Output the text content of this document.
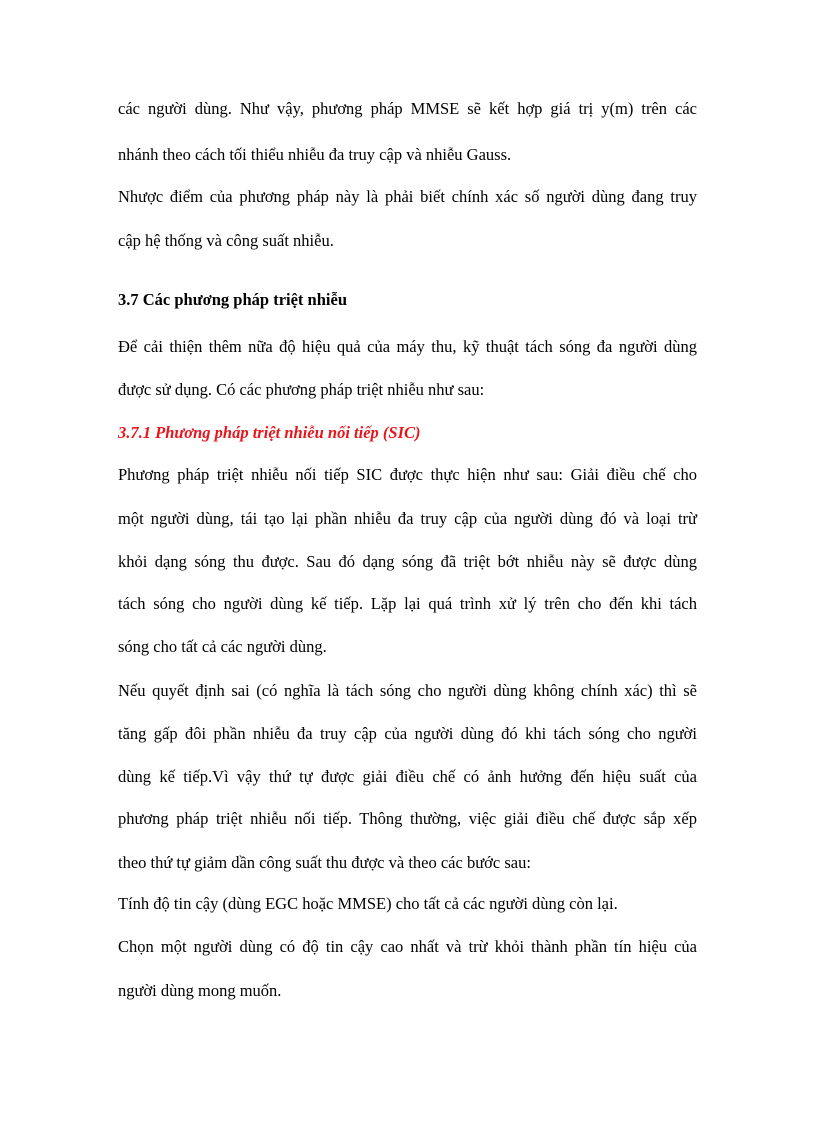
các người dùng. Như vậy, phương pháp MMSE sẽ kết hợp giá trị y(m) trên các
nhánh theo cách tối thiểu nhiễu đa truy cập và nhiễu Gauss.
Nhược điểm của phương pháp này là phải biết chính xác số người dùng đang truy
cập hệ thống và công suất nhiễu.
3.7 Các phương pháp triệt nhiễu
Để cải thiện thêm nữa độ hiệu quả của máy thu, kỹ thuật tách sóng đa người dùng
được sử dụng. Có các phương pháp triệt nhiễu như sau:
3.7.1 Phương pháp triệt nhiễu nối tiếp (SIC)
Phương pháp triệt nhiễu nối tiếp SIC được thực hiện như sau: Giải điều chế cho
một người dùng, tái tạo lại phần nhiễu đa truy cập của người dùng đó và loại trừ
khỏi dạng sóng thu được. Sau đó dạng sóng đã triệt bớt nhiễu này sẽ được dùng
tách sóng cho người dùng kế tiếp. Lặp lại quá trình xử lý trên cho đến khi tách
sóng cho tất cả các người dùng.
Nếu quyết định sai (có nghĩa là tách sóng cho người dùng không chính xác) thì sẽ
tăng gấp đôi phần nhiễu đa truy cập của người dùng đó khi tách sóng cho người
dùng kế tiếp.Vì vậy thứ tự được giải điều chế có ảnh hưởng đến hiệu suất của
phương pháp triệt nhiễu nối tiếp. Thông thường, việc giải điều chế được sắp xếp
theo thứ tự giảm dần công suất thu được và theo các bước sau:
Tính độ tin cậy (dùng EGC hoặc MMSE) cho tất cả các người dùng còn lại.
Chọn một người dùng có độ tin cậy cao nhất và trừ khỏi thành phần tín hiệu của
người dùng mong muốn.
